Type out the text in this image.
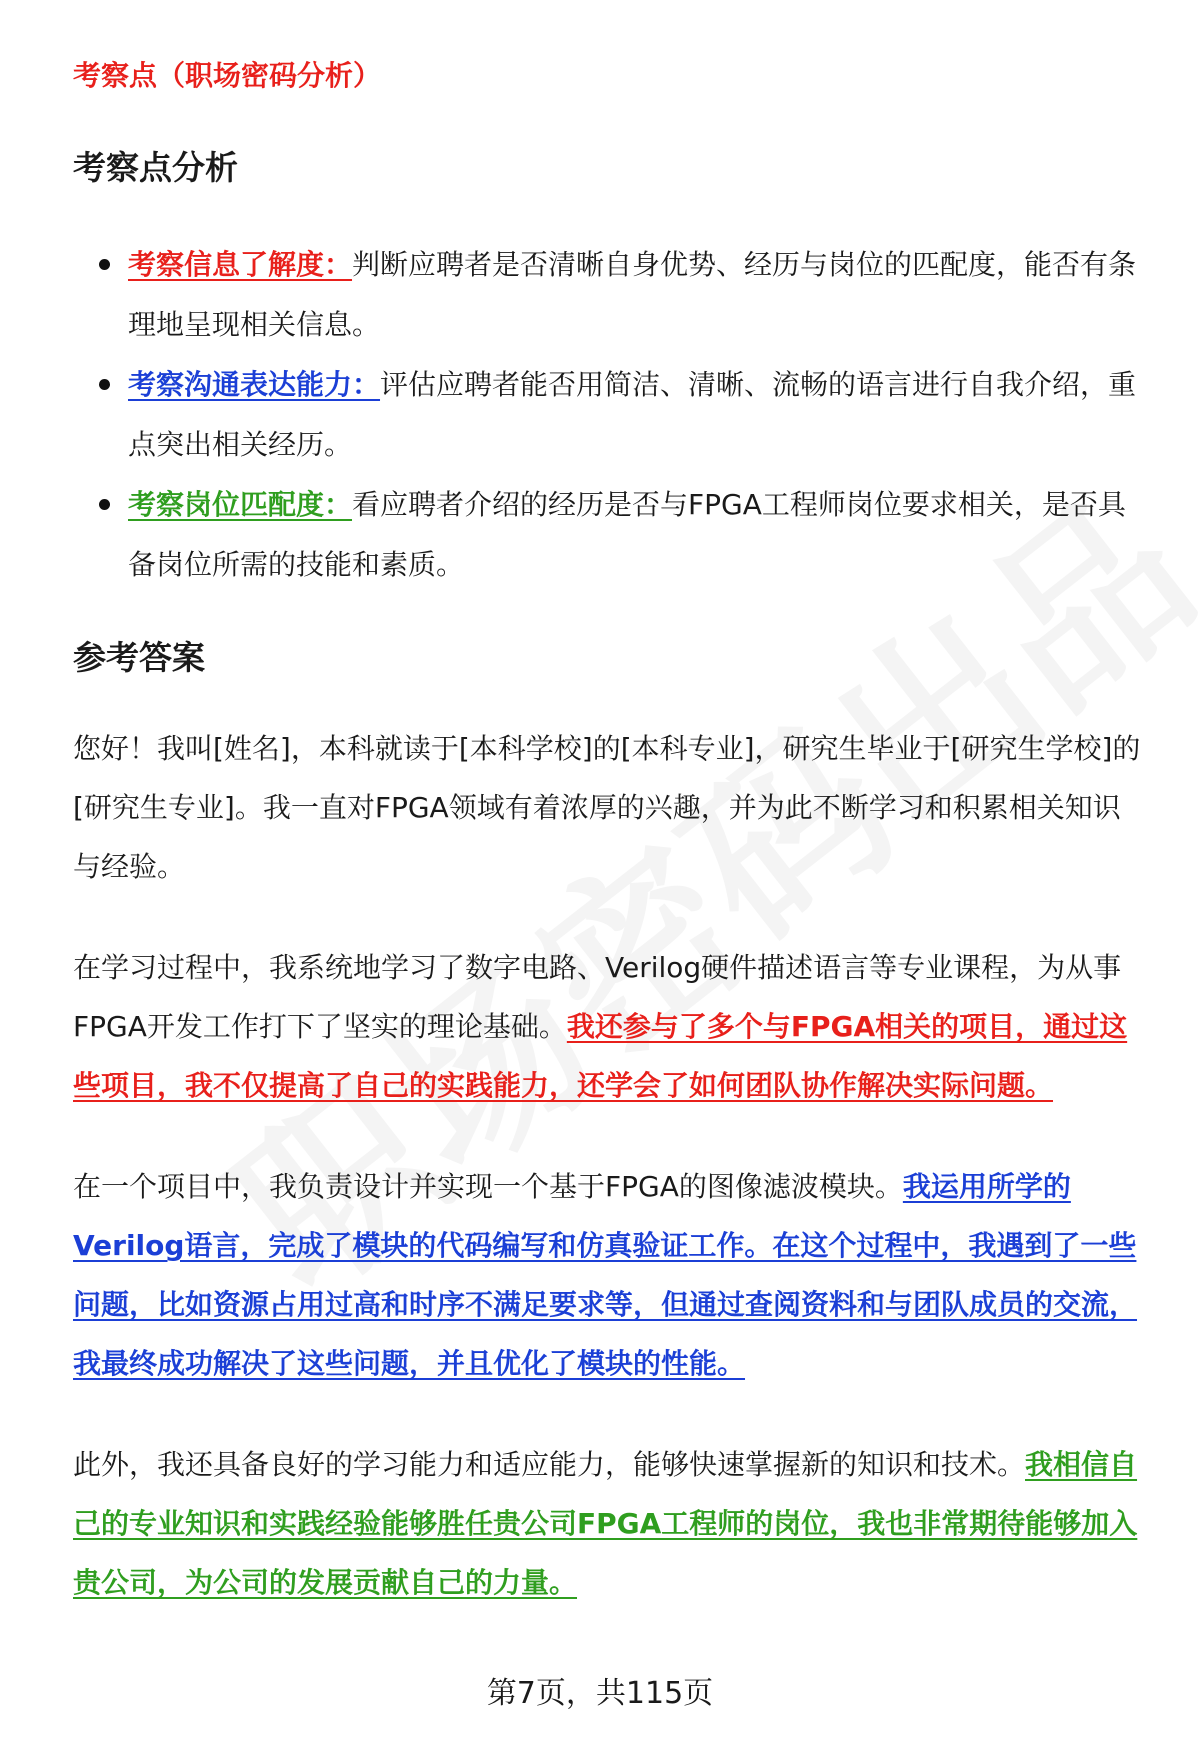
考察点（职场密码分析）

考察点分析
考察信息了解度：判断应聘者是否清晰自身优势、经历与岗位的匹配度，能否有条理地呈现相关信息。
考察沟通表达能力：评估应聘者能否用简洁、清晰、流畅的语言进行自我介绍，重点突出相关经历。
考察岗位匹配度：看应聘者介绍的经历是否与FPGA工程师岗位要求相关，是否具备岗位所需的技能和素质。
参考答案

您好！我叫[姓名]，本科就读于[本科学校]的[本科专业]，研究生毕业于[研究生学校]的[研究生专业]。我一直对FPGA领域有着浓厚的兴趣，并为此不断学习和积累相关知识与经验。

在学习过程中，我系统地学习了数字电路、Verilog硬件描述语言等专业课程，为从事FPGA开发工作打下了坚实的理论基础。我还参与了多个与FPGA相关的项目，通过这些项目，我不仅提高了自己的实践能力，还学会了如何团队协作解决实际问题。

在一个项目中，我负责设计并实现一个基于FPGA的图像滤波模块。我运用所学的Verilog语言，完成了模块的代码编写和仿真验证工作。在这个过程中，我遇到了一些问题，比如资源占用过高和时序不满足要求等，但通过查阅资料和与团队成员的交流，我最终成功解决了这些问题，并且优化了模块的性能。

此外，我还具备良好的学习能力和适应能力，能够快速掌握新的知识和技术。我相信自己的专业知识和实践经验能够胜任贵公司FPGA工程师的岗位，我也非常期待能够加入贵公司，为公司的发展贡献自己的力量。

第7页，共115页
